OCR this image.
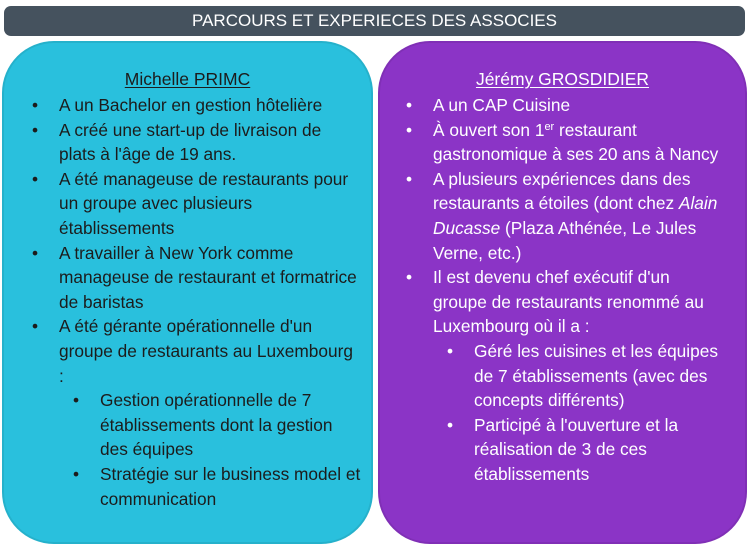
PARCOURS ET EXPERIECES DES ASSOCIES
Michelle PRIMC
• A un Bachelor en gestion hôtelière
• A créé une start-up de livraison de plats à l'âge de 19 ans.
• A été manageuse de restaurants pour un groupe avec plusieurs établissements
• A travailler à New York comme manageuse de restaurant et formatrice de baristas
• A été gérante opérationnelle d'un groupe de restaurants au Luxembourg :
• Gestion opérationnelle de 7 établissements dont la gestion des équipes
• Stratégie sur le business model et communication
Jérémy GROSDIDIER
• A un CAP Cuisine
• À ouvert son 1er restaurant gastronomique à ses 20 ans à Nancy
• A plusieurs expériences dans des restaurants a étoiles (dont chez Alain Ducasse (Plaza Athénée, Le Jules Verne, etc.)
• Il est devenu chef exécutif d'un groupe de restaurants renommé au Luxembourg où il a :
• Géré les cuisines et les équipes de 7 établissements (avec des concepts différents)
• Participé à l'ouverture et la réalisation de 3 de ces établissements
